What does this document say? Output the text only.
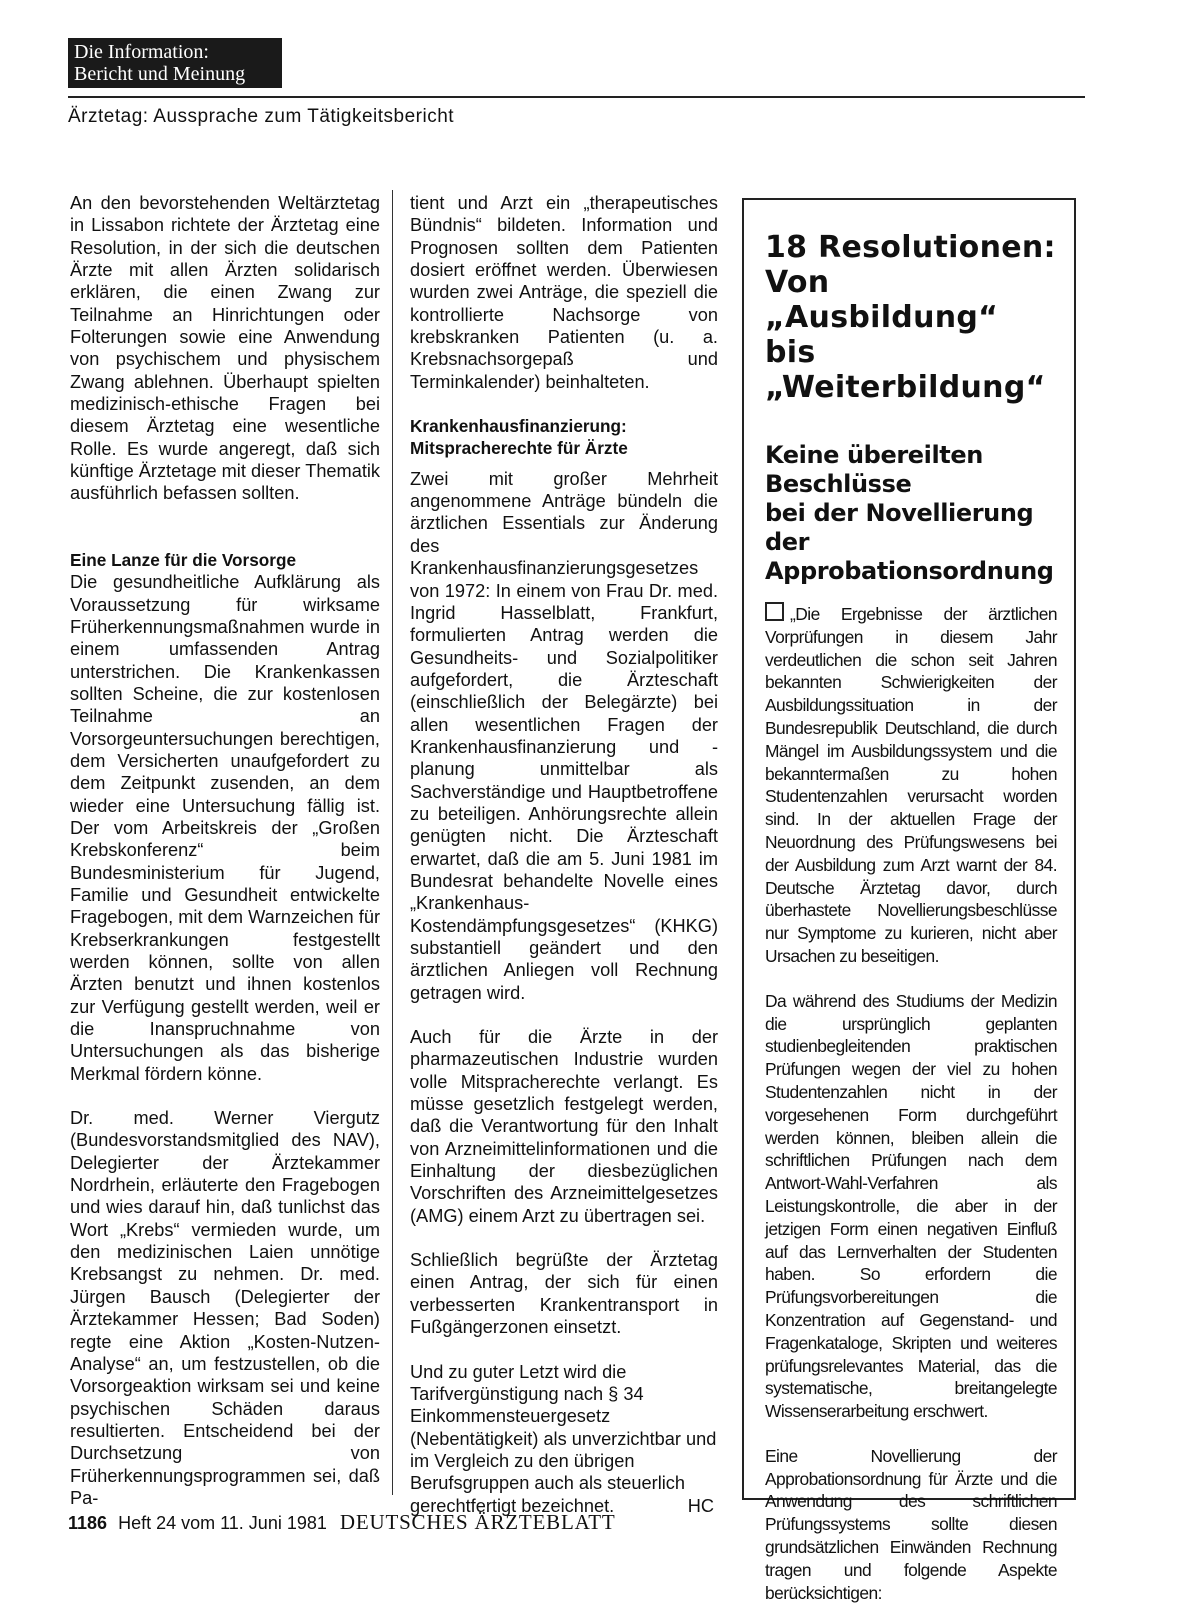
Die Information:
Bericht und Meinung
Ärztetag: Aussprache zum Tätigkeitsbericht

An den bevorstehenden Weltärztetag in Lissabon richtete der Ärztetag eine Resolution, in der sich die deutschen Ärzte mit allen Ärzten solidarisch erklären, die einen Zwang zur Teilnahme an Hinrichtungen oder Folterungen sowie eine Anwendung von psychischem und physischem Zwang ablehnen. Überhaupt spielten medizinisch-ethische Fragen bei diesem Ärztetag eine wesentliche Rolle. Es wurde angeregt, daß sich künftige Ärztetage mit dieser Thematik ausführlich befassen sollten.

Eine Lanze für die Vorsorge

Die gesundheitliche Aufklärung als Voraussetzung für wirksame Früherkennungsmaßnahmen wurde in einem umfassenden Antrag unterstrichen. Die Krankenkassen sollten Scheine, die zur kostenlosen Teilnahme an Vorsorgeuntersuchungen berechtigen, dem Versicherten unaufgefordert zu dem Zeitpunkt zusenden, an dem wieder eine Untersuchung fällig ist. Der vom Arbeitskreis der „Großen Krebskonferenz“ beim Bundesministerium für Jugend, Familie und Gesundheit entwickelte Fragebogen, mit dem Warnzeichen für Krebserkrankungen festgestellt werden können, sollte von allen Ärzten benutzt und ihnen kostenlos zur Verfügung gestellt werden, weil er die Inanspruchnahme von Untersuchungen als das bisherige Merkmal fördern könne.

Dr. med. Werner Viergutz (Bundesvorstandsmitglied des NAV), Delegierter der Ärztekammer Nordrhein, erläuterte den Fragebogen und wies darauf hin, daß tunlichst das Wort „Krebs“ vermieden wurde, um den medizinischen Laien unnötige Krebsangst zu nehmen. Dr. med. Jürgen Bausch (Delegierter der Ärztekammer Hessen; Bad Soden) regte eine Aktion „Kosten-Nutzen-Analyse“ an, um festzustellen, ob die Vorsorgeaktion wirksam sei und keine psychischen Schäden daraus resultierten. Entscheidend bei der Durchsetzung von Früherkennungsprogrammen sei, daß Pa-

tient und Arzt ein „therapeutisches Bündnis“ bildeten. Information und Prognosen sollten dem Patienten dosiert eröffnet werden. Überwiesen wurden zwei Anträge, die speziell die kontrollierte Nachsorge von krebskranken Patienten (u. a. Krebsnachsorgepaß und Terminkalender) beinhalteten.

Krankenhausfinanzierung:

Mitspracherechte für Ärzte

Zwei mit großer Mehrheit angenommene Anträge bündeln die ärztlichen Essentials zur Änderung des Krankenhausfinanzierungsgesetzes von 1972: In einem von Frau Dr. med. Ingrid Hasselblatt, Frankfurt, formulierten Antrag werden die Gesundheits- und Sozialpolitiker aufgefordert, die Ärzteschaft (einschließlich der Belegärzte) bei allen wesentlichen Fragen der Krankenhausfinanzierung und -planung unmittelbar als Sachverständige und Hauptbetroffene zu beteiligen. Anhörungsrechte allein genügten nicht. Die Ärzteschaft erwartet, daß die am 5. Juni 1981 im Bundesrat behandelte Novelle eines „Krankenhaus-Kostendämpfungsgesetzes“ (KHKG) substantiell geändert und den ärztlichen Anliegen voll Rechnung getragen wird.

Auch für die Ärzte in der pharmazeutischen Industrie wurden volle Mitspracherechte verlangt. Es müsse gesetzlich festgelegt werden, daß die Verantwortung für den Inhalt von Arzneimittelinformationen und die Einhaltung der diesbezüglichen Vorschriften des Arzneimittelgesetzes (AMG) einem Arzt zu übertragen sei.

Schließlich begrüßte der Ärztetag einen Antrag, der sich für einen verbesserten Krankentransport in Fußgängerzonen einsetzt.

Und zu guter Letzt wird die Tarifvergünstigung nach § 34 Einkommensteuergesetz (Nebentätigkeit) als unverzichtbar und im Vergleich zu den übrigen Berufsgruppen auch als steuerlich gerechtfertigt bezeichnet.	HC

18 Resolutionen:

Von „Ausbildung“

bis „Weiterbildung“

Keine übereilten

Beschlüsse

bei der Novellierung

der Approbationsordnung

„Die Ergebnisse der ärztlichen Vorprüfungen in diesem Jahr verdeutlichen die schon seit Jahren bekannten Schwierigkeiten der Ausbildungssituation in der Bundesrepublik Deutschland, die durch Mängel im Ausbildungssystem und die bekanntermaßen zu hohen Studentenzahlen verursacht worden sind. In der aktuellen Frage der Neuordnung des Prüfungswesens bei der Ausbildung zum Arzt warnt der 84. Deutsche Ärztetag davor, durch überhastete Novellierungsbeschlüsse nur Symptome zu kurieren, nicht aber Ursachen zu beseitigen.

Da während des Studiums der Medizin die ursprünglich geplanten studienbegleitenden praktischen Prüfungen wegen der viel zu hohen Studentenzahlen nicht in der vorgesehenen Form durchgeführt werden können, bleiben allein die schriftlichen Prüfungen nach dem Antwort-Wahl-Verfahren als Leistungskontrolle, die aber in der jetzigen Form einen negativen Einfluß auf das Lernverhalten der Studenten haben. So erfordern die Prüfungsvorbereitungen die Konzentration auf Gegenstand- und Fragenkataloge, Skripten und weiteres prüfungsrelevantes Material, das die systematische, breitangelegte Wissenserarbeitung erschwert.

Eine Novellierung der Approbationsordnung für Ärzte und die Anwendung des schriftlichen Prüfungssystems sollte diesen grundsätzlichen Einwänden Rechnung tragen und folgende Aspekte berücksichtigen:

1186 Heft 24 vom 11. Juni 1981 DEUTSCHES ÄRZTEBLATT
